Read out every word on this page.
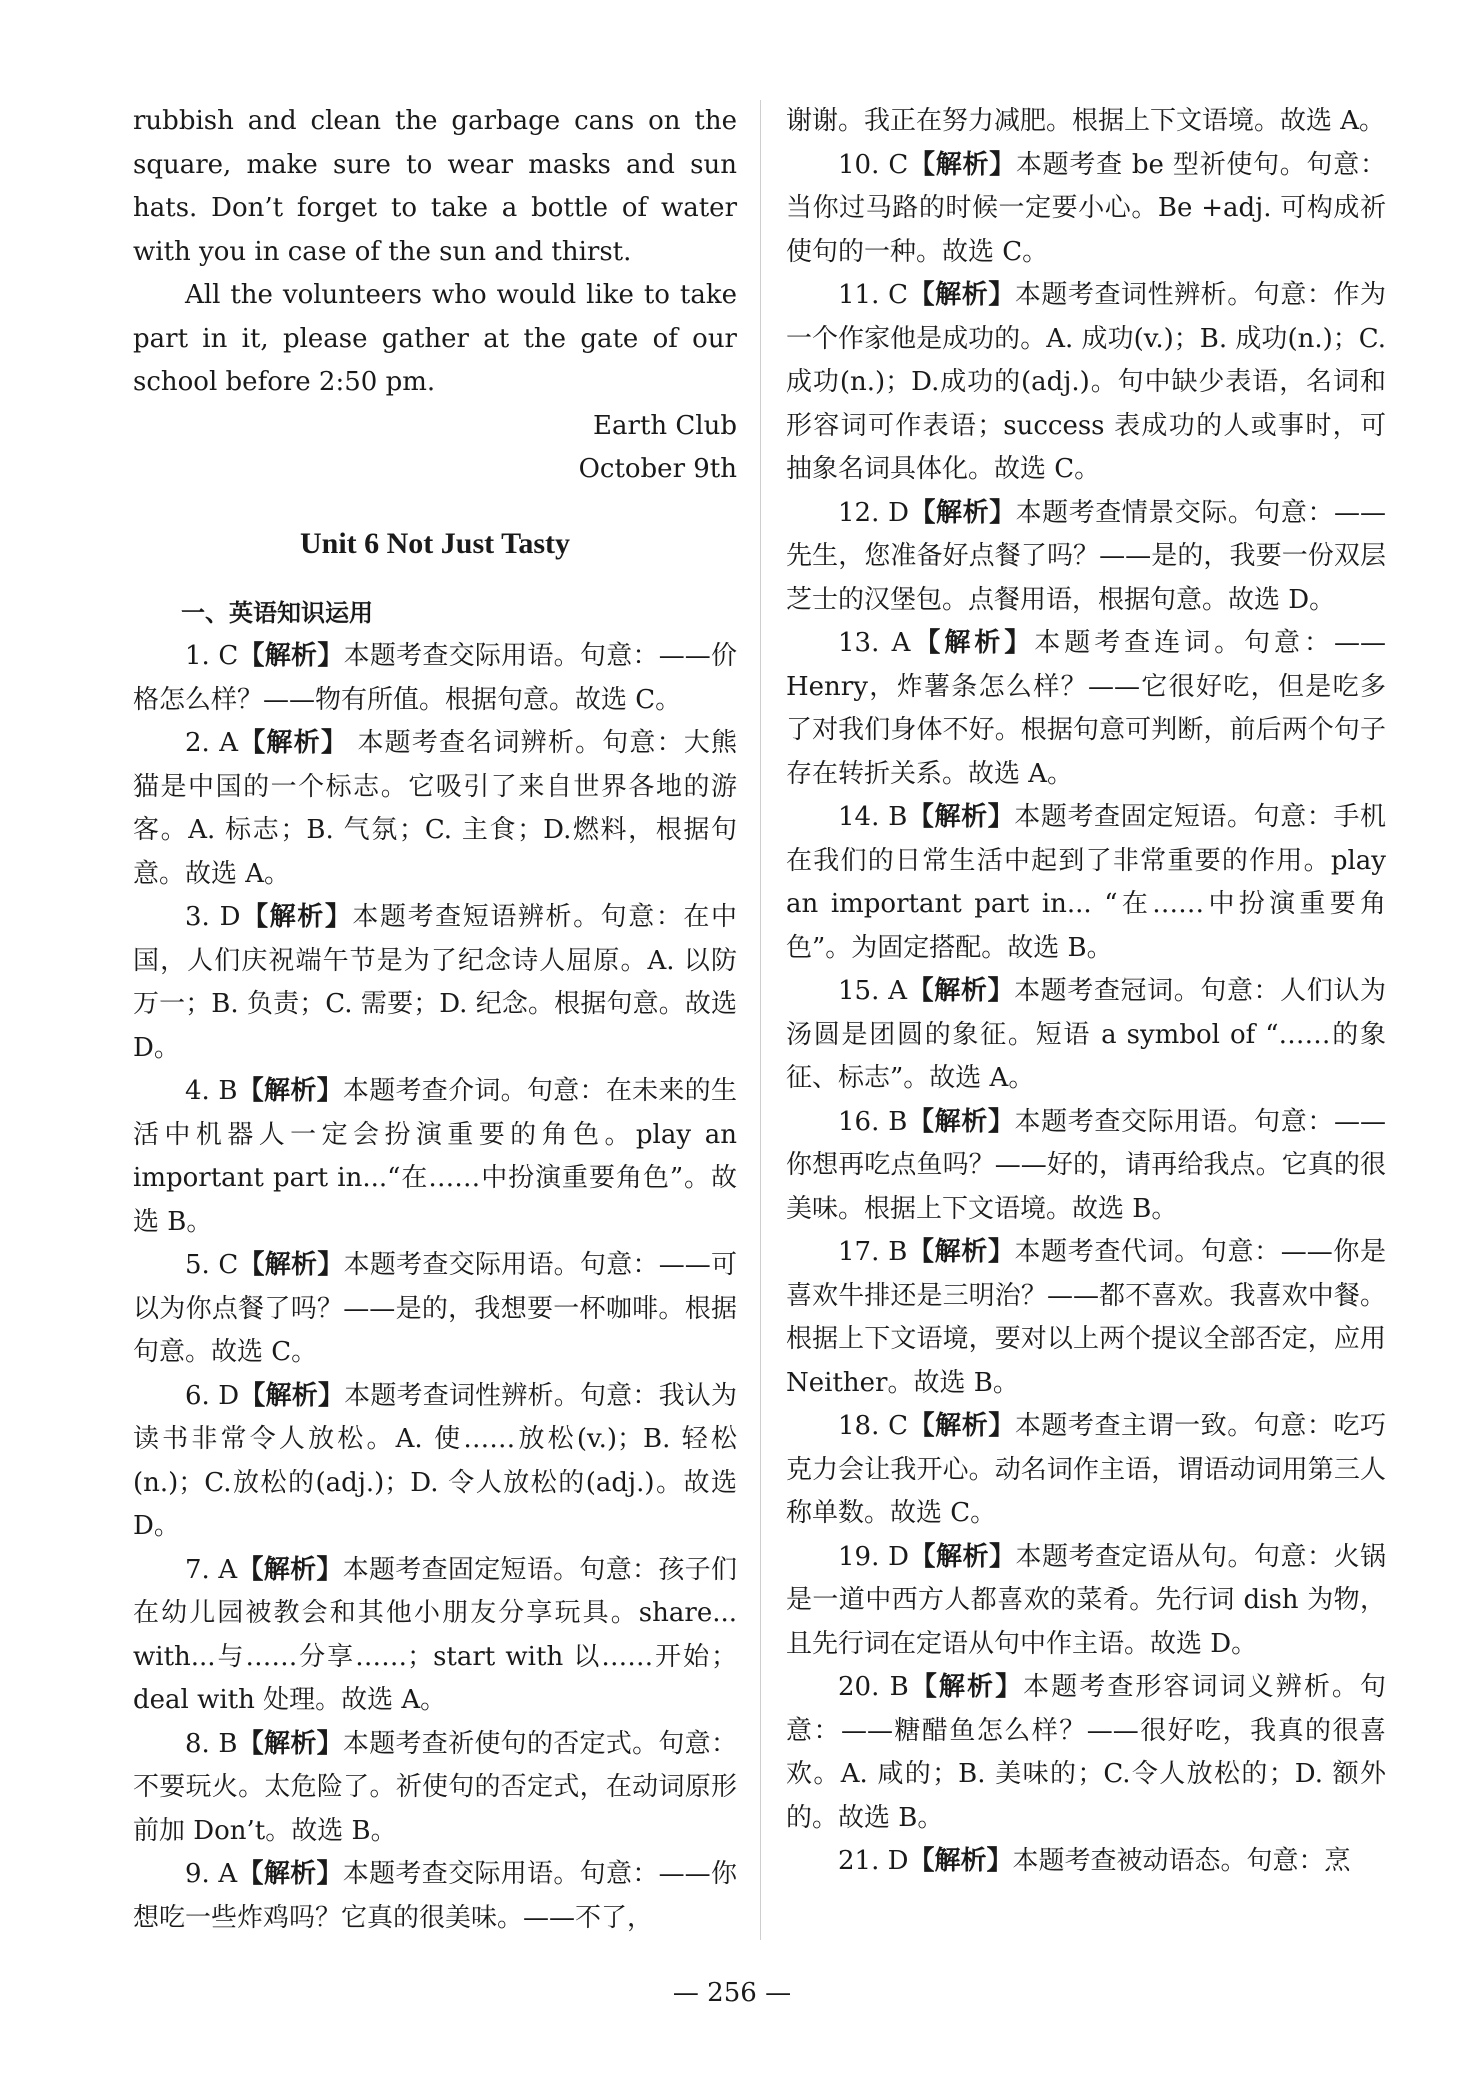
rubbish and clean the garbage cans on the square, make sure to wear masks and sun hats. Don’t forget to take a bottle of water with you in case of the sun and thirst.

All the volunteers who would like to take part in it, please gather at the gate of our school before 2:50 pm.

Earth Club

October 9th

Unit 6 Not Just Tasty

一、英语知识运用

1. C【解析】本题考查交际用语。句意：——价格怎么样？——物有所值。根据句意。故选 C。

2. A【解析】 本题考查名词辨析。句意：大熊猫是中国的一个标志。它吸引了来自世界各地的游客。A. 标志；B. 气氛；C. 主食；D.燃料，根据句意。故选 A。

3. D【解析】本题考查短语辨析。句意：在中国，人们庆祝端午节是为了纪念诗人屈原。A. 以防万一；B. 负责；C. 需要；D. 纪念。根据句意。故选 D。

4. B【解析】本题考查介词。句意：在未来的生活中机器人一定会扮演重要的角色。play an important part in...“在……中扮演重要角色”。故选 B。

5. C【解析】本题考查交际用语。句意：——可以为你点餐了吗？——是的，我想要一杯咖啡。根据句意。故选 C。

6. D【解析】本题考查词性辨析。句意：我认为读书非常令人放松。A. 使……放松(v.)；B. 轻松(n.)；C.放松的(adj.)；D. 令人放松的(adj.)。故选 D。

7. A【解析】本题考查固定短语。句意：孩子们在幼儿园被教会和其他小朋友分享玩具。share... with...与……分享……；start with 以……开始；deal with 处理。故选 A。

8. B【解析】本题考查祈使句的否定式。句意：不要玩火。太危险了。祈使句的否定式，在动词原形前加 Don’t。故选 B。

9. A【解析】本题考查交际用语。句意：——你想吃一些炸鸡吗？它真的很美味。——不了，

谢谢。我正在努力减肥。根据上下文语境。故选 A。

10. C【解析】本题考查 be 型祈使句。句意：当你过马路的时候一定要小心。Be +adj. 可构成祈使句的一种。故选 C。

11. C【解析】本题考查词性辨析。句意：作为一个作家他是成功的。A. 成功(v.)；B. 成功(n.)；C. 成功(n.)；D.成功的(adj.)。句中缺少表语，名词和形容词可作表语；success 表成功的人或事时，可抽象名词具体化。故选 C。

12. D【解析】本题考查情景交际。句意：——先生，您准备好点餐了吗？——是的，我要一份双层芝士的汉堡包。点餐用语，根据句意。故选 D。

13. A【解析】本题考查连词。句意：——Henry，炸薯条怎么样？——它很好吃，但是吃多了对我们身体不好。根据句意可判断，前后两个句子存在转折关系。故选 A。

14. B【解析】本题考查固定短语。句意：手机在我们的日常生活中起到了非常重要的作用。play an important part in... “在……中扮演重要角色”。为固定搭配。故选 B。

15. A【解析】本题考查冠词。句意：人们认为汤圆是团圆的象征。短语 a symbol of “……的象征、标志”。故选 A。

16. B【解析】本题考查交际用语。句意：——你想再吃点鱼吗？——好的，请再给我点。它真的很美味。根据上下文语境。故选 B。

17. B【解析】本题考查代词。句意：——你是喜欢牛排还是三明治？——都不喜欢。我喜欢中餐。根据上下文语境，要对以上两个提议全部否定，应用 Neither。故选 B。

18. C【解析】本题考查主谓一致。句意：吃巧克力会让我开心。动名词作主语，谓语动词用第三人称单数。故选 C。

19. D【解析】本题考查定语从句。句意：火锅是一道中西方人都喜欢的菜肴。先行词 dish 为物，且先行词在定语从句中作主语。故选 D。

20. B【解析】本题考查形容词词义辨析。句意：——糖醋鱼怎么样？——很好吃，我真的很喜欢。A. 咸的；B. 美味的；C.令人放松的；D. 额外的。故选 B。

21. D【解析】本题考查被动语态。句意：烹

— 256 —
